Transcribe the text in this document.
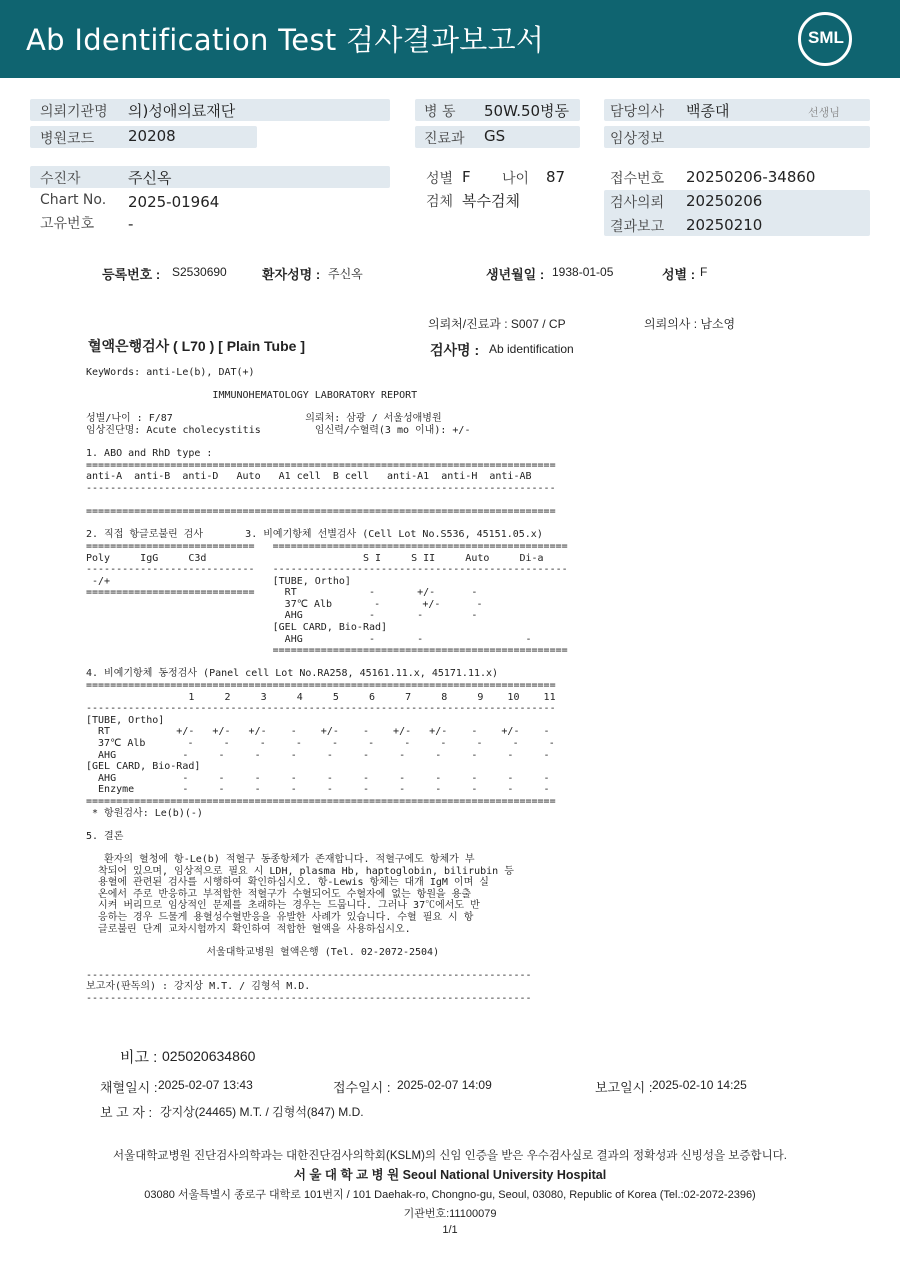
Ab Identification Test 검사결과보고서	SML
의뢰기관명 의)성애의료재단
병원코드 20208
병 동 50W.50병동
진료과 GS
담당의사 백종대	선생님
임상정보
수진자	주신옥
Chart No. 2025-01964
고유번호 -
성별 F 나이 87
검체 복수검체
접수번호 20250206-34860
검사의뢰 20250206
결과보고 20250210
등록번호 : S2530690	환자성명 : 주신옥	생년월일 : 1938-01-05	성별 : F
의뢰처/진료과 : S007 / CP	의뢰의사 : 남소영
혈액은행검사 ( L70 ) [ Plain Tube ]	검사명 : Ab identification
KeyWords: anti-Le(b), DAT(+)

IMMUNOHEMATOLOGY LABORATORY REPORT

성별/나이 : F/87                      의뢰처: 삼광 / 서울성애병원
임상진단명: Acute cholecystitis         임신력/수혈력(3 mo 이내): +/-

1. ABO and RhD type :
==============================================================================
anti-A  anti-B  anti-D   Auto   A1 cell  B cell   anti-A1  anti-H  anti-AB
------------------------------------------------------------------------------

==============================================================================

2. 직접 항글로불린 검사       3. 비예기항체 선별검사 (Cell Lot No.S536, 45151.05.x)
============================   =================================================
Poly     IgG     C3d                          S I     S II     Auto     Di-a
----------------------------   -------------------------------------------------
-/+                           [TUBE, Ortho]
============================     RT            -       +/-      -
37℃ Alb       -       +/-      -
AHG           -       -        -
[GEL CARD, Bio-Rad]
AHG           -       -                 -
=================================================

4. 비예기항체 동정검사 (Panel cell Lot No.RA258, 45161.11.x, 45171.11.x)
==============================================================================
1     2     3     4     5     6     7     8     9    10    11
------------------------------------------------------------------------------
[TUBE, Ortho]
RT           +/-   +/-   +/-    -    +/-    -    +/-   +/-    -    +/-    -
37℃ Alb       -     -     -     -     -     -     -     -     -     -     -
AHG           -     -     -     -     -     -     -     -     -     -     -
[GEL CARD, Bio-Rad]
AHG           -     -     -     -     -     -     -     -     -     -     -
Enzyme        -     -     -     -     -     -     -     -     -     -     -
==============================================================================
* 항원검사: Le(b)(-)

5. 결론

환자의 혈청에 항-Le(b) 적혈구 동종항체가 존재합니다. 적혈구에도 항체가 부
착되어 있으며, 임상적으로 필요 시 LDH, plasma Hb, haptoglobin, bilirubin 등
용혈에 관련된 검사를 시행하여 확인하십시오. 항-Lewis 항체는 대개 IgM 이며 실
온에서 주로 반응하고 부적합한 적혈구가 수혈되어도 수혈자에 없는 항원을 용출
시켜 버리므로 임상적인 문제를 초래하는 경우는 드뭅니다. 그러나 37℃에서도 반
응하는 경우 드물게 용혈성수혈반응을 유발한 사례가 있습니다. 수혈 필요 시 항
글로불린 단계 교차시험까지 확인하여 적합한 혈액을 사용하십시오.

서울대학교병원 혈액은행 (Tel. 02-2072-2504)

--------------------------------------------------------------------------
보고자(판독의) : 강지상 M.T. / 김형석 M.D.
--------------------------------------------------------------------------
비고 : 025020634860
채혈일시 : 2025-02-07 13:43	접수일시 : 2025-02-07 14:09	보고일시 : 2025-02-10 14:25
보 고 자 : 강지상(24465) M.T. / 김형석(847) M.D.
서울대학교병원 진단검사의학과는 대한진단검사의학회(KSLM)의 신임 인증을 받은 우수검사실로 결과의 정확성과 신빙성을 보증합니다.
서 울 대 학 교 병 원 Seoul National University Hospital
03080 서울특별시 종로구 대학로 101번지 / 101 Daehak-ro, Chongno-gu, Seoul, 03080, Republic of Korea (Tel.:02-2072-2396)
기관번호:11100079
1/1
